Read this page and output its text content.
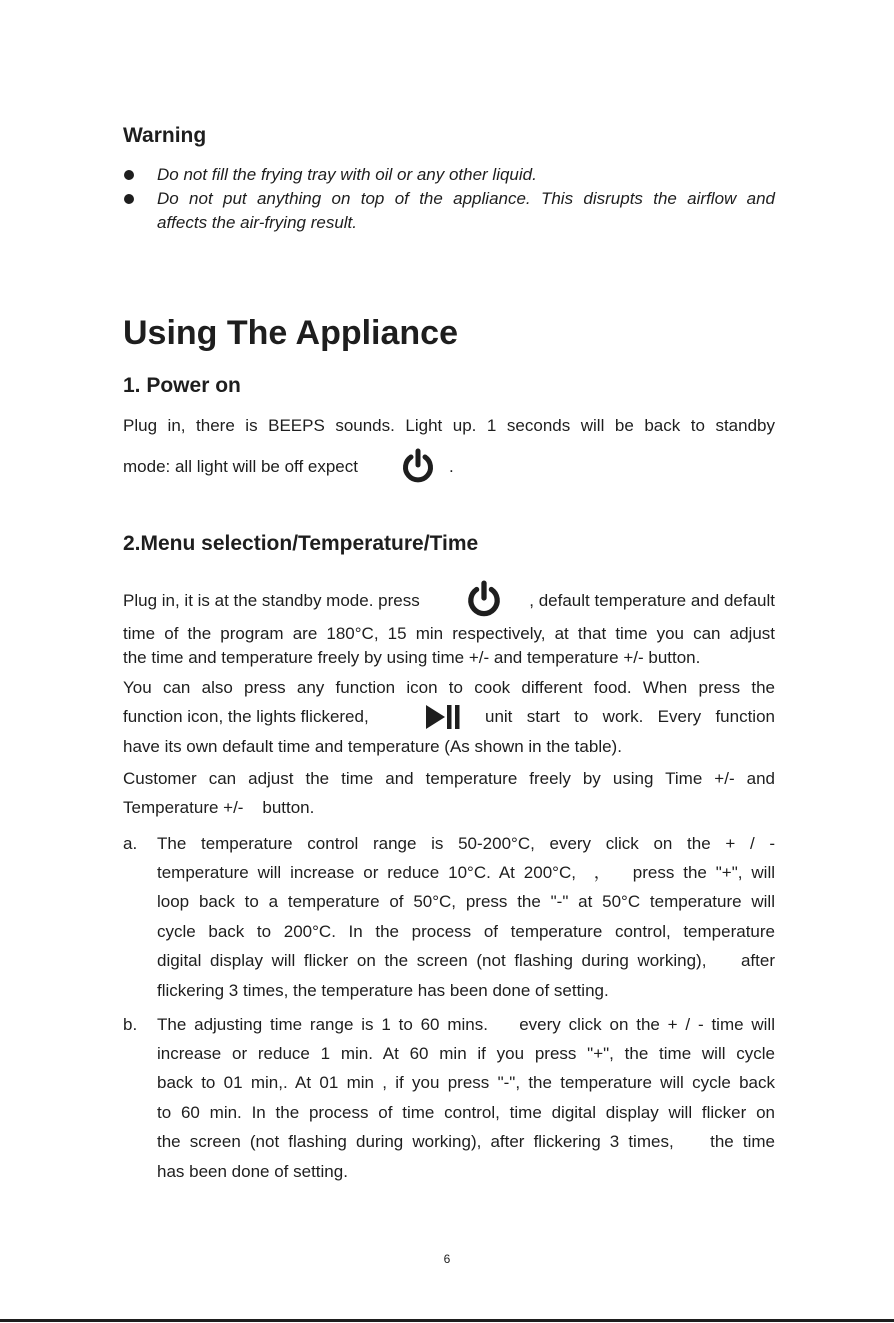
Warning
Do not fill the frying tray with oil or any other liquid.
Do not put anything on top of the appliance. This disrupts the airflow and
affects the air-frying result.
Using The Appliance
1. Power on
Plug in, there is BEEPS sounds. Light up. 1 seconds will be back to standby
mode: all light will be off expect	.
2.Menu selection/Temperature/Time
Plug in, it is at the standby mode. press	, default temperature and default
time of the program are 180°C, 15 min respectively, at that time you can adjust
the time and temperature freely by using time +/- and temperature +/- button.
You can also press any function icon to cook different food. When press the
function icon, the lights flickered,	unit start to work. Every function
have its own default time and temperature (As shown in the table).
Customer can adjust the time and temperature freely by using Time +/- and
Temperature +/-    button.
a. The temperature control range is 50-200°C, every click on the + / -
temperature will increase or reduce 10°C. At 200°C,  ，  press the "+", will
loop back to a temperature of 50°C, press the "-" at 50°C temperature will
cycle back to 200°C. In the process of temperature control, temperature
digital display will flicker on the screen (not flashing during working),    after
flickering 3 times, the temperature has been done of setting.
b. The adjusting time range is 1 to 60 mins.    every click on the + / - time will
increase or reduce 1 min. At 60 min if you press "+", the time will cycle
back to 01 min,. At 01 min , if you press "-", the temperature will cycle back
to 60 min. In the process of time control, time digital display will flicker on
the screen (not flashing during working), after flickering 3 times,    the time
has been done of setting.
6
